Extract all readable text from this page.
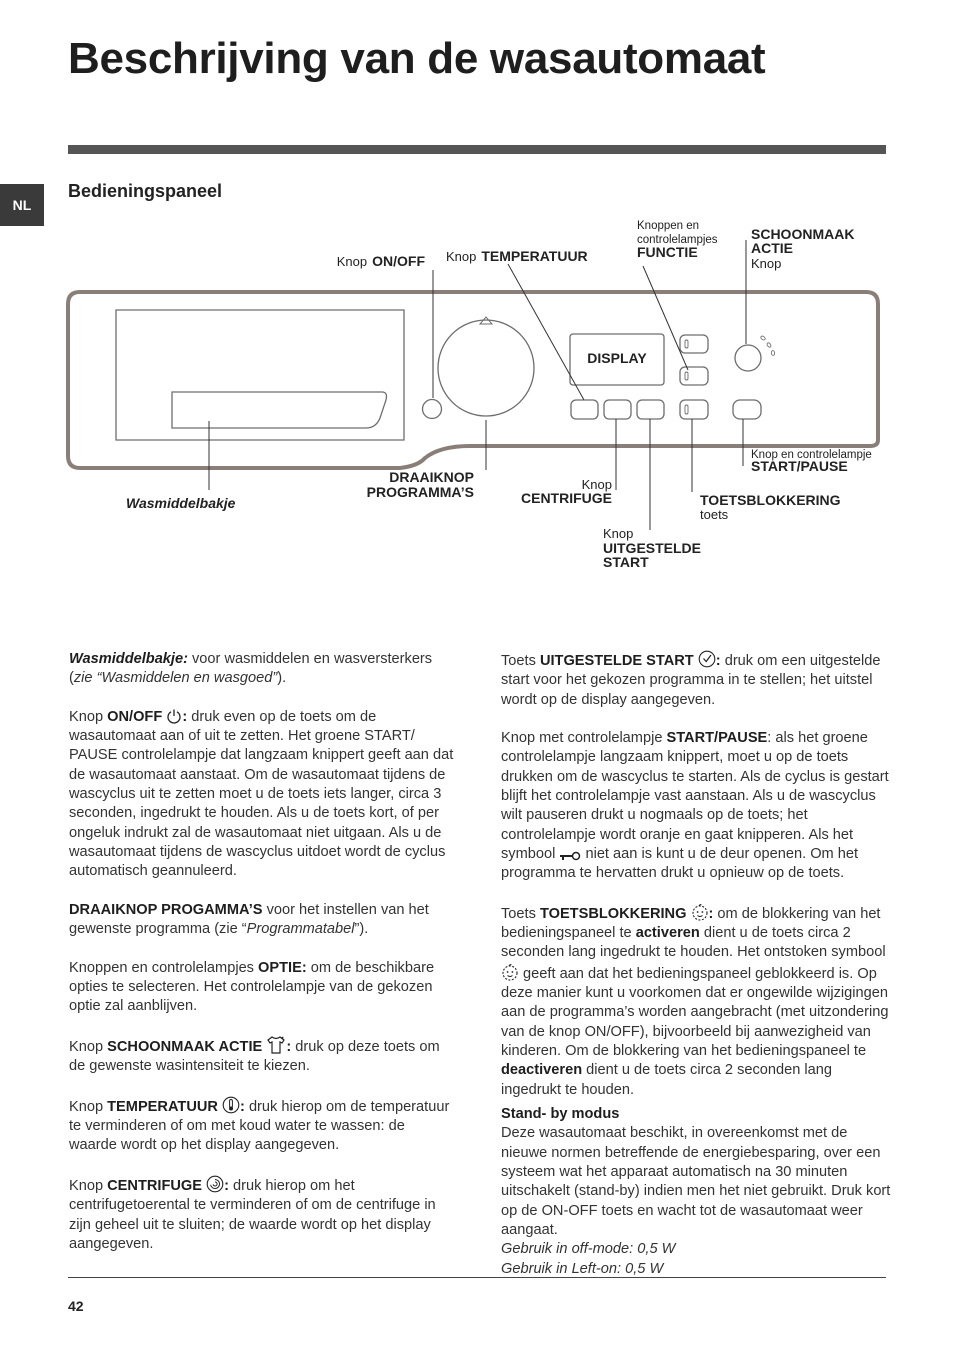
Beschrijving van de wasautomaat
NL
Bedieningspaneel
DISPLAY
Knop ON/OFF Knop TEMPERATUUR
Knoppen en
controlelampjes
FUNCTIE
SCHOONMAAK
ACTIE
Knop
Knop en controlelampje
START/PAUSE
Wasmiddelbakje
DRAAIKNOP
PROGRAMMA’S	Knop
CENTRIFUGE	TOETSBLOKKERING
toets
Knop
UITGESTELDE
START

Wasmiddelbakje: voor wasmiddelen en wasversterkers (zie “Wasmiddelen en wasgoed”).

Knop ON/OFF : druk even op de toets om de wasautomaat aan of uit te zetten. Het groene START/ PAUSE controlelampje dat langzaam knippert geeft aan dat de wasautomaat aanstaat. Om de wasautomaat tijdens de wascyclus uit te zetten moet u de toets iets langer, circa 3 seconden, ingedrukt te houden. Als u de toets kort, of per ongeluk indrukt zal de wasautomaat niet uitgaan. Als u de wasautomaat tijdens de wascyclus uitdoet wordt de cyclus automatisch geannuleerd.

DRAAIKNOP PROGAMMA’S voor het instellen van het gewenste programma (zie “Programmatabel”).

Knoppen en controlelampjes OPTIE: om de beschikbare opties te selecteren. Het controlelampje van de gekozen optie zal aanblijven.

Knop SCHOONMAAK ACTIE : druk op deze toets om de gewenste wasintensiteit te kiezen.

Knop TEMPERATUUR : druk hierop om de temperatuur te verminderen of om met koud water te wassen: de waarde wordt op het display aangegeven.

Knop CENTRIFUGE : druk hierop om het centrifugetoerental te verminderen of om de centrifuge in zijn geheel uit te sluiten; de waarde wordt op het display aangegeven.

Toets UITGESTELDE START : druk om een uitgestelde start voor het gekozen programma in te stellen; het uitstel wordt op de display aangegeven.

Knop met controlelampje START/PAUSE: als het groene controlelampje langzaam knippert, moet u op de toets drukken om de wascyclus te starten. Als de cyclus is gestart blijft het controlelampje vast aanstaan. Als u de wascyclus wilt pauseren drukt u nogmaals op de toets; het controlelampje wordt oranje en gaat knipperen. Als het symbool  niet aan is kunt u de deur openen. Om het programma te hervatten drukt u opnieuw op de toets.

Toets TOETSBLOKKERING : om de blokkering van het bedieningspaneel te activeren dient u de toets circa 2 seconden lang ingedrukt te houden. Het ontstoken symbool  geeft aan dat het bedieningspaneel geblokkeerd is. Op deze manier kunt u voorkomen dat er ongewilde wijzigingen aan de programma’s worden aangebracht (met uitzondering van de knop ON/OFF), bijvoorbeeld bij aanwezigheid van kinderen. Om de blokkering van het bedieningspaneel te deactiveren dient u de toets circa 2 seconden lang ingedrukt te houden.

Stand- by modus
Deze wasautomaat beschikt, in overeenkomst met de nieuwe normen betreffende de energiebesparing, over een systeem wat het apparaat automatisch na 30 minuten uitschakelt (stand-by) indien men het niet gebruikt. Druk kort op de ON-OFF toets en wacht tot de wasautomaat weer aangaat.
Gebruik in off-mode: 0,5 W
Gebruik in Left-on: 0,5 W
42
